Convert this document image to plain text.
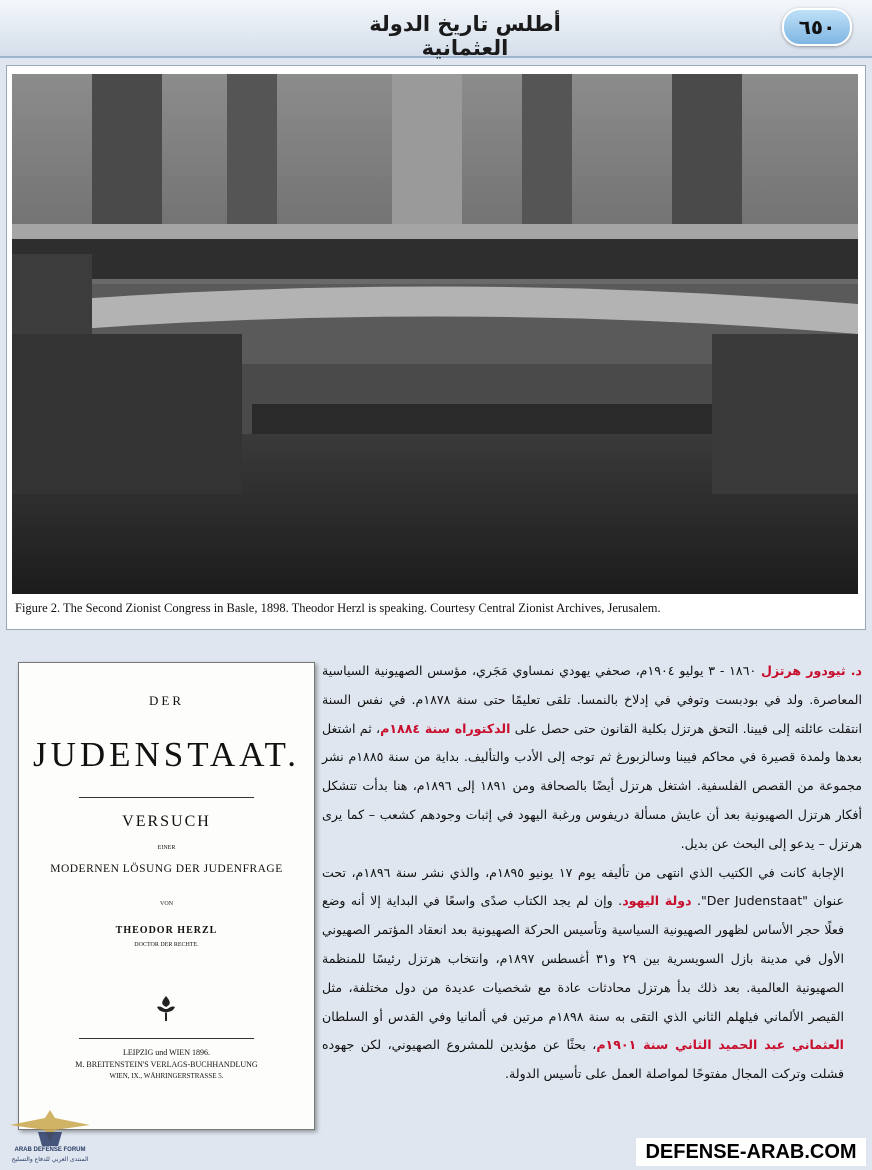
أطلس تاريخ الدولة العثمانية
٦٥٠
Figure 2. The Second Zionist Congress in Basle, 1898. Theodor Herzl is speaking. Courtesy Central Zionist Archives, Jerusalem.
DER
JUDENSTAAT.
VERSUCH
EINER
MODERNEN LÖSUNG DER JUDENFRAGE
VON
THEODOR HERZL
DOCTOR DER RECHTE.
LEIPZIG und WIEN 1896.
M. BREITENSTEIN'S VERLAGS-BUCHHANDLUNG
WIEN, IX., WÄHRINGERSTRASSE 5.

د. ثيودور هرتزل ١٨٦٠ - ٣ يوليو ١٩٠٤م، صحفي يهودي نمساوي مَجَري، مؤسس الصهيونية السياسية المعاصرة. ولد في بودبست وتوفي في إدلاخ بالنمسا. تلقى تعليمًا حتى سنة ١٨٧٨م. في نفس السنة انتقلت عائلته إلى فيينا. التحق هرتزل بكلية القانون حتى حصل على الدكتوراه سنة ١٨٨٤م، ثم اشتغل بعدها ولمدة قصيرة في محاكم فيينا وسالزبورغ ثم توجه إلى الأدب والتأليف. بداية من سنة ١٨٨٥م نشر مجموعة من القصص الفلسفية. اشتغل هرتزل أيضًا بالصحافة ومن ١٨٩١ إلى ١٨٩٦م، هنا بدأت تتشكل أفكار هرتزل الصهيونية بعد أن عايش مسألة دريفوس ورغبة اليهود في إثبات وجودهم كشعب – كما يرى هرتزل – يدعو إلى البحث عن بديل.

الإجابة كانت في الكتيب الذي انتهى من تأليفه يوم ١٧ يونيو ١٨٩٥م، والذي نشر سنة ١٨٩٦م، تحت عنوان "Der Judenstaat". دولة اليهود. وإن لم يجد الكتاب صدًى واسعًا في البداية إلا أنه وضع فعلًا حجر الأساس لظهور الصهيونية السياسية وتأسيس الحركة الصهيونية بعد انعقاد المؤتمر الصهيوني الأول في مدينة بازل السويسرية بين ٢٩ و٣١ أغسطس ١٨٩٧م، وانتخاب هرتزل رئيسًا للمنظمة الصهيونية العالمية. بعد ذلك بدأ هرتزل محادثات عادة مع شخصيات عديدة من دول مختلفة، مثل القيصر الألماني فيلهلم الثاني الذي التقى به سنة ١٨٩٨م مرتين في ألمانيا وفي القدس أو السلطان العثماني عبد الحميد الثاني سنة ١٩٠١م، بحثًا عن مؤيدين للمشروع الصهيوني، لكن جهوده فشلت وتركت المجال مفتوحًا لمواصلة العمل على تأسيس الدولة.

ARAB DEFENSE FORUM
المنتدى العربي للدفاع والتسليح	DEFENSE-ARAB.COM
